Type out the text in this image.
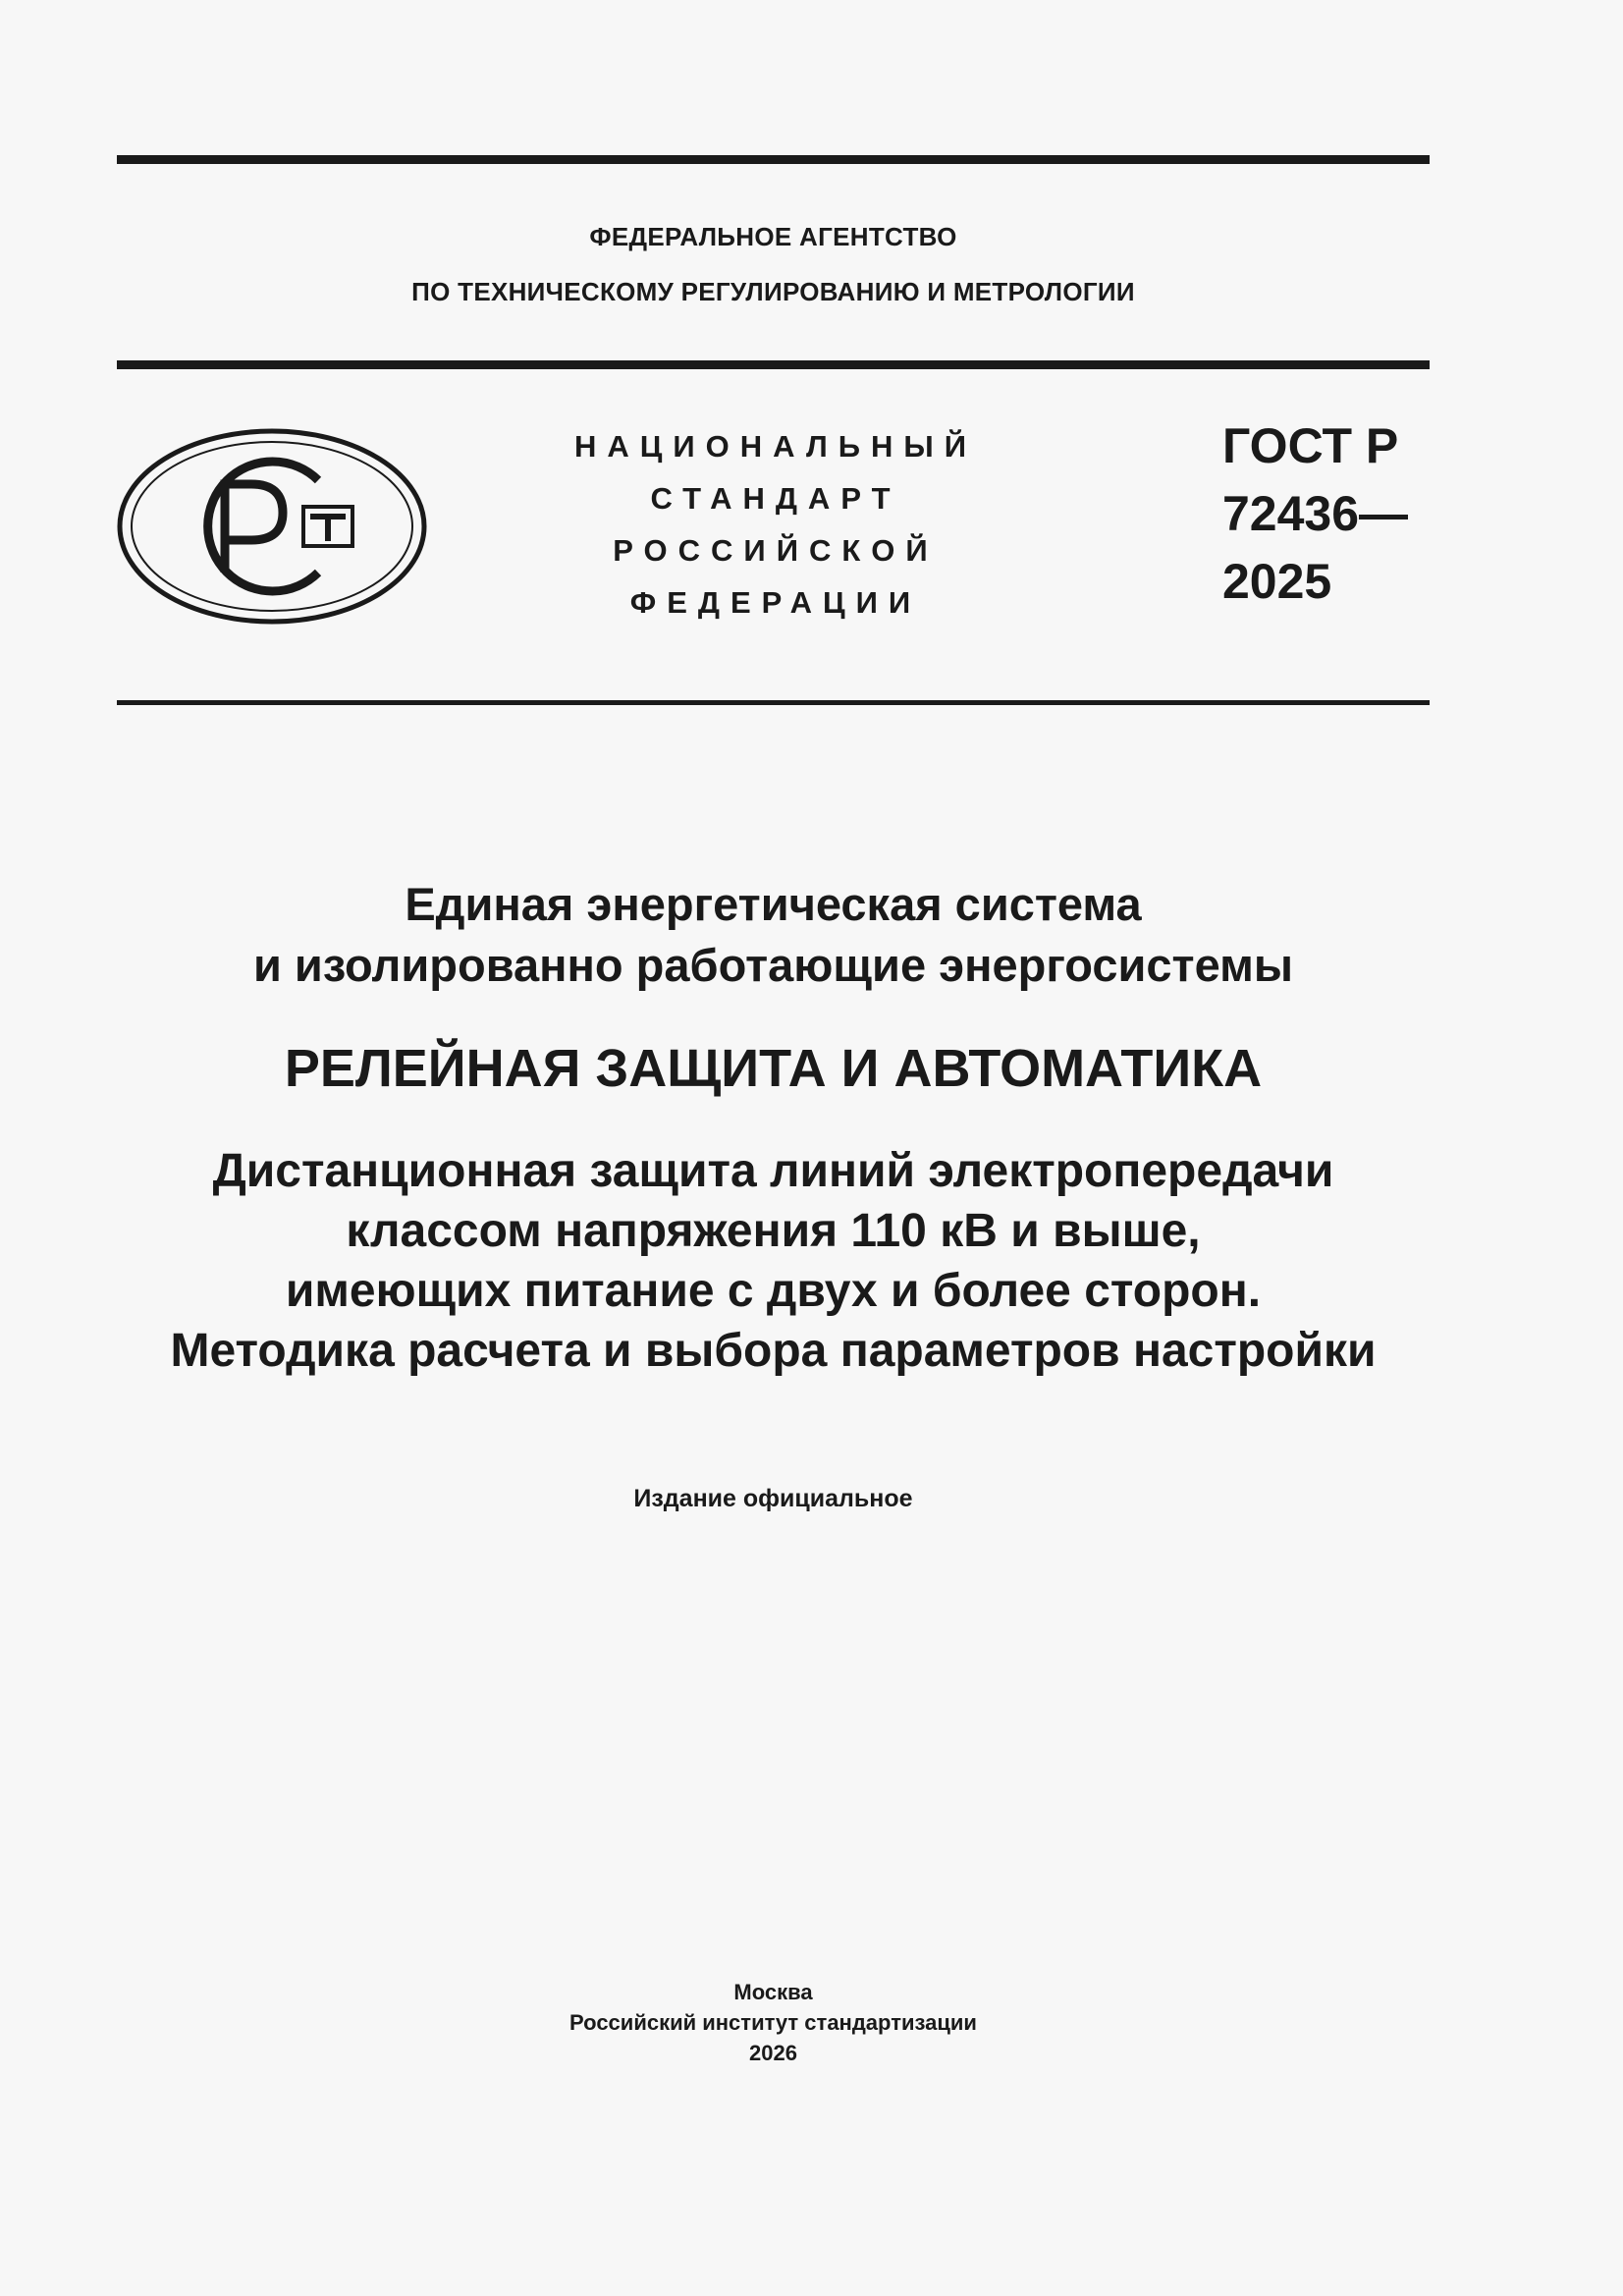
ФЕДЕРАЛЬНОЕ АГЕНТСТВО
ПО ТЕХНИЧЕСКОМУ РЕГУЛИРОВАНИЮ И МЕТРОЛОГИИ
НАЦИОНАЛЬНЫЙ
СТАНДАРТ
РОССИЙСКОЙ
ФЕДЕРАЦИИ
ГОСТ Р
72436—
2025
Единая энергетическая система
и изолированно работающие энергосистемы
РЕЛЕЙНАЯ ЗАЩИТА И АВТОМАТИКА
Дистанционная защита линий электропередачи
классом напряжения 110 кВ и выше,
имеющих питание с двух и более сторон.
Методика расчета и выбора параметров настройки
Издание официальное
Москва
Российский институт стандартизации
2026
